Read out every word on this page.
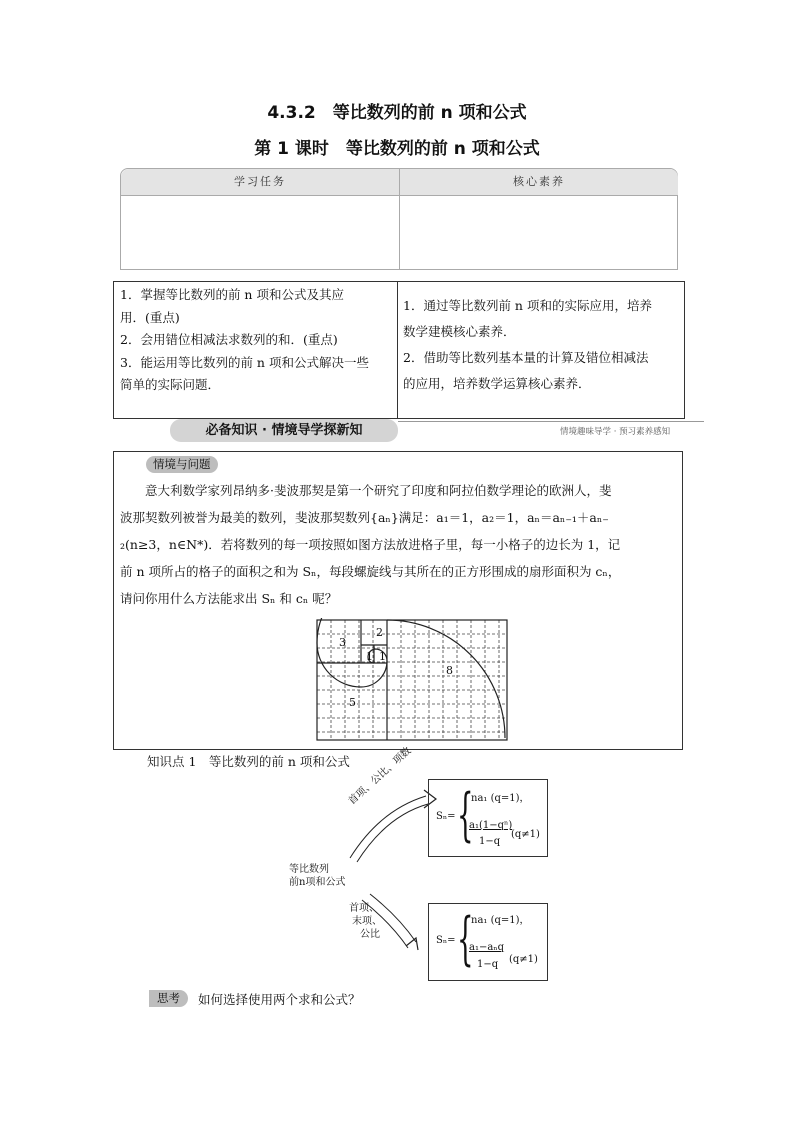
4.3.2　等比数列的前 n 项和公式
第 1 课时　等比数列的前 n 项和公式
学习任务	核心素养
1．掌握等比数列的前 n 项和公式及其应
用．(重点)
2．会用错位相减法求数列的和．(重点)
3．能运用等比数列的前 n 项和公式解决一些
简单的实际问题．
1．通过等比数列前 n 项和的实际应用，培养
数学建模核心素养．
2．借助等比数列基本量的计算及错位相减法
的应用，培养数学运算核心素养．
必备知识 · 情境导学探新知	情境趣味导学 · 预习素养感知
情境与问题
　　意大利数学家列昂纳多·斐波那契是第一个研究了印度和阿拉伯数学理论的欧洲人，斐
波那契数列被誉为最美的数列，斐波那契数列{aₙ}满足：a₁＝1，a₂＝1，aₙ＝aₙ₋₁＋aₙ₋
₂(n≥3，n∈N*)．若将数列的每一项按照如图方法放进格子里，每一小格子的边长为 1，记
前 n 项所占的格子的面积之和为 Sₙ，每段螺旋线与其所在的正方形围成的扇形面积为 cₙ，
请问你用什么方法能求出 Sₙ 和 cₙ 呢？
3
2
1 1
8
5
知识点 1　等比数列的前 n 项和公式
等比数列
前n项和公式
首项、公比、项数
首项、
末项、
公比
Sₙ= {
na₁ (q=1)，
a₁(1−qⁿ)
1−q
(q≠1)
Sₙ= {
na₁ (q=1)，
a₁−aₙq
1−q (q≠1)
思考	如何选择使用两个求和公式？
